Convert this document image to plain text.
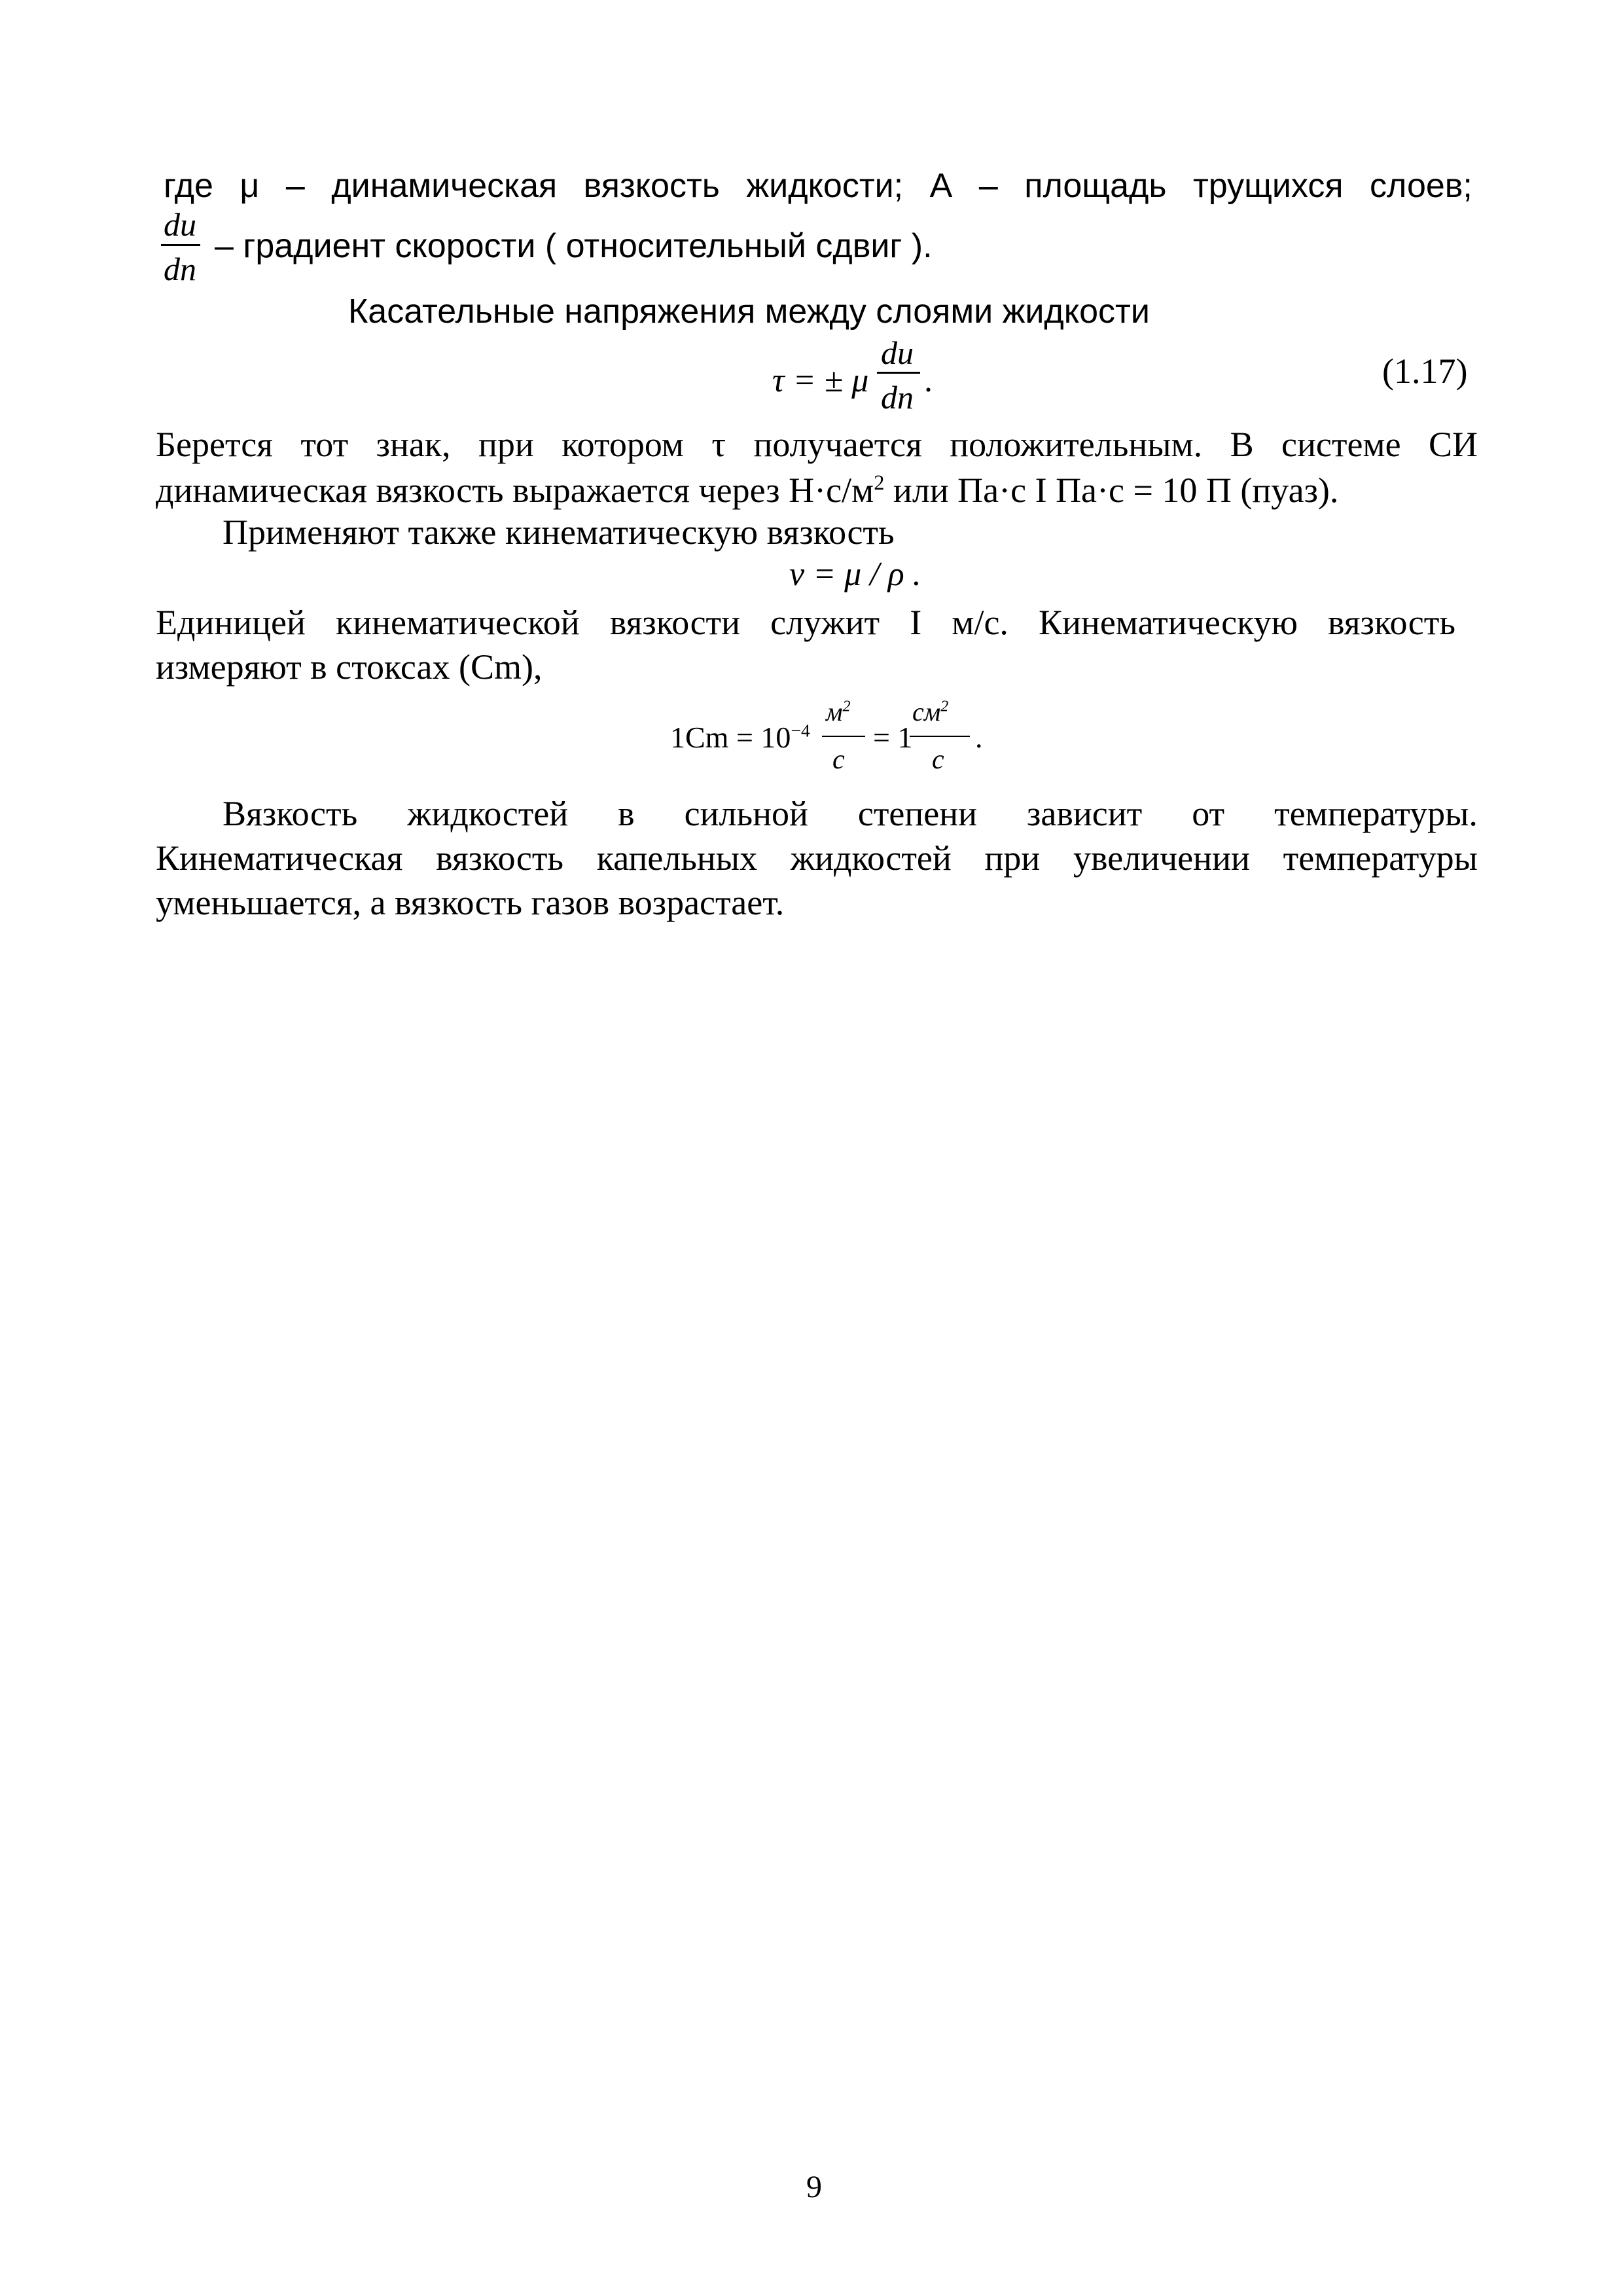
где μ – динамическая вязкость жидкости; А – площадь трущихся слоев;
du
dn
– градиент скорости ( относительный сдвиг ).
Касательные напряжения между слоями жидкости
τ = ± μ
du
dn .	(1.17)
Берется тот знак, при котором τ получается положительным. В системе СИ
динамическая вязкость выражается через $Н\cdot с/м^2$ или Па·с I Па·с = 10 П (пуаз).
Применяют также кинематическую вязкость
ν = μ / ρ .
Единицей кинематической вязкости служит I м/с. Кинематическую вязкость
измеряют в стоксах (Cm),
$1Cm = 10^{-4}$
$м^2$
с
= 1
$см^2$
с
.
Вязкость жидкостей в сильной степени зависит от температуры.
Кинематическая вязкость капельных жидкостей при увеличении температуры
уменьшается, а вязкость газов возрастает.
9
